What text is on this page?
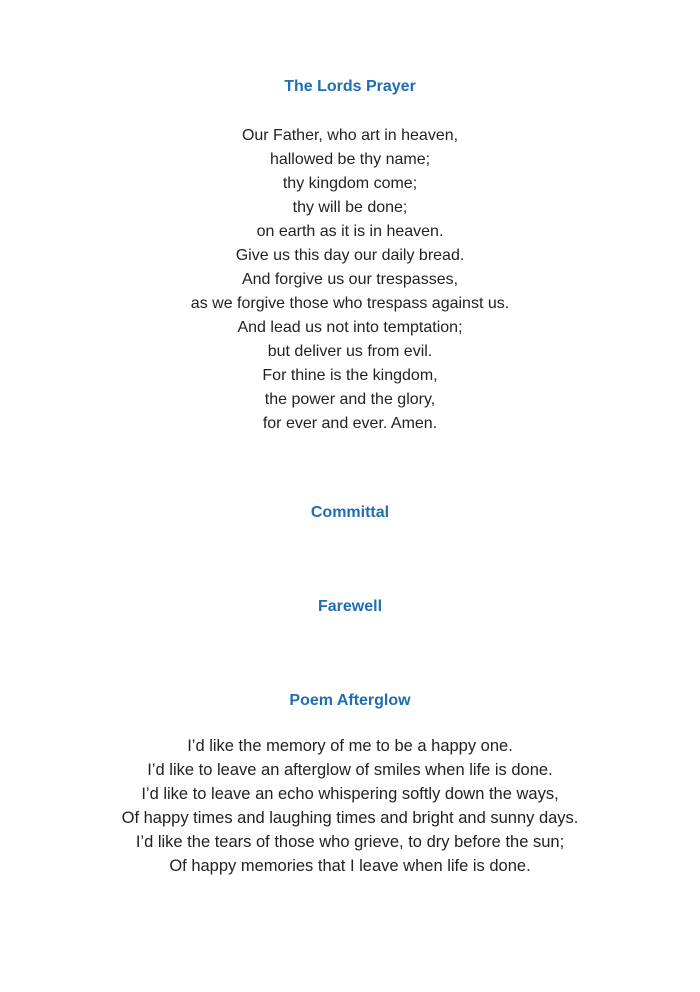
The Lords Prayer
Our Father, who art in heaven,
hallowed be thy name;
thy kingdom come;
thy will be done;
on earth as it is in heaven.
Give us this day our daily bread.
And forgive us our trespasses,
as we forgive those who trespass against us.
And lead us not into temptation;
but deliver us from evil.
For thine is the kingdom,
the power and the glory,
for ever and ever. Amen.
Committal
Farewell
Poem Afterglow
I’d like the memory of me to be a happy one.
I’d like to leave an afterglow of smiles when life is done.
I’d like to leave an echo whispering softly down the ways,
Of happy times and laughing times and bright and sunny days.
I’d like the tears of those who grieve, to dry before the sun;
Of happy memories that I leave when life is done.
